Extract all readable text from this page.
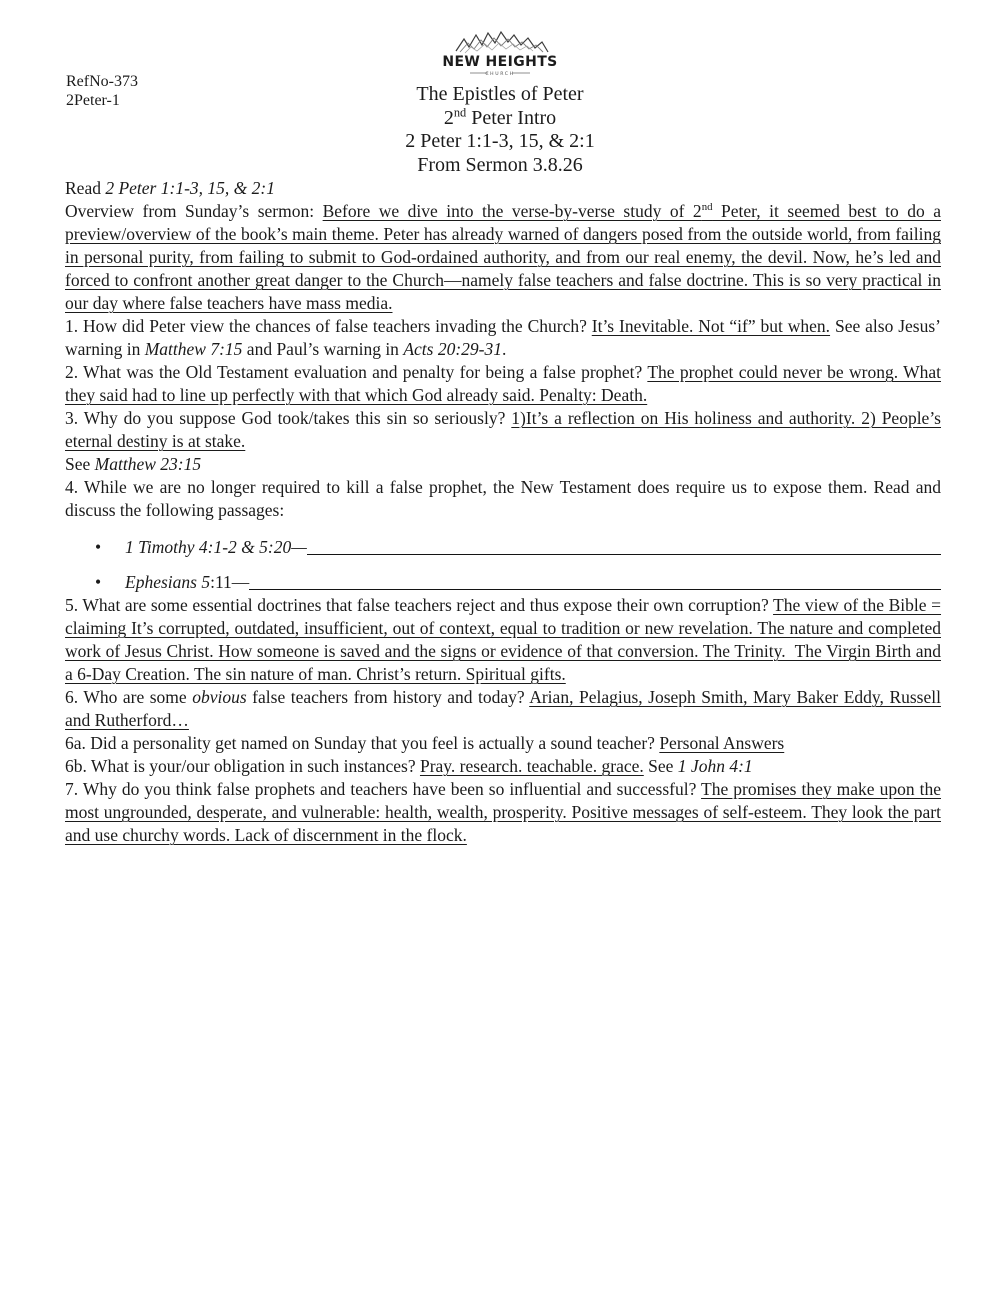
RefNo-373
2Peter-1
NEW HEIGHTS
CHURCH
The Epistles of Peter
2nd Peter Intro
2 Peter 1:1-3, 15, & 2:1
From Sermon 3.8.26

Read 2 Peter 1:1-3, 15, & 2:1

Overview from Sunday’s sermon: Before we dive into the verse-by-verse study of 2nd Peter, it seemed best to do a preview/overview of the book’s main theme. Peter has already warned of dangers posed from the outside world, from failing in personal purity, from failing to submit to God-ordained authority, and from our real enemy, the devil. Now, he’s led and forced to confront another great danger to the Church—namely false teachers and false doctrine. This is so very practical in our day where false teachers have mass media.

1. How did Peter view the chances of false teachers invading the Church? It’s Inevitable. Not “if” but when. See also Jesus’ warning in Matthew 7:15 and Paul’s warning in Acts 20:29-31.

2. What was the Old Testament evaluation and penalty for being a false prophet? The prophet could never be wrong. What they said had to line up perfectly with that which God already said. Penalty: Death.

3. Why do you suppose God took/takes this sin so seriously? 1)It’s a reflection on His holiness and authority. 2) People’s eternal destiny is at stake.

See Matthew 23:15

4. While we are no longer required to kill a false prophet, the New Testament does require us to expose them. Read and discuss the following passages:

•	1 Timothy 4:1-2 & 5:20—
•	Ephesians 5:11—

5. What are some essential doctrines that false teachers reject and thus expose their own corruption? The view of the Bible = claiming It’s corrupted, outdated, insufficient, out of context, equal to tradition or new revelation. The nature and completed work of Jesus Christ. How someone is saved and the signs or evidence of that conversion. The Trinity.  The Virgin Birth and a 6-Day Creation. The sin nature of man. Christ’s return. Spiritual gifts.

6. Who are some obvious false teachers from history and today? Arian, Pelagius, Joseph Smith, Mary Baker Eddy, Russell and Rutherford…

6a. Did a personality get named on Sunday that you feel is actually a sound teacher? Personal Answers

6b. What is your/our obligation in such instances? Pray. research. teachable. grace. See 1 John 4:1

7. Why do you think false prophets and teachers have been so influential and successful? The promises they make upon the most ungrounded, desperate, and vulnerable: health, wealth, prosperity. Positive messages of self-esteem. They look the part and use churchy words. Lack of discernment in the flock.
